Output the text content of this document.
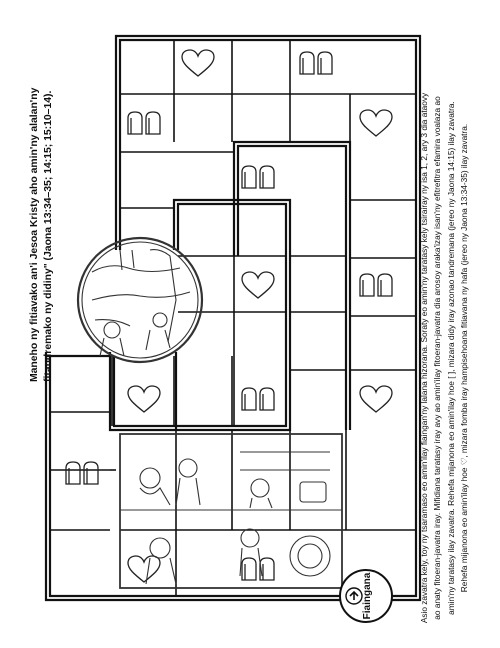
Maneho ny fitiavako an'i Jesoa Kristy aho amin'ny alalan'ny
fitandremako ny didiny" (Jaona 13:34–35; 14:15; 15:10–14).	Asio zavatra kely, toy ny tsaramaso eo amin'ilay fiaingan'ny lalana hizorana. Soraty eo amin'ny taratasy kely tsirairay ny isa 1, 2, ary 3 dia ataovy ao anaty fitoeran-javatra iray. Mifidiana taratasy iray avy ao amin'ilay fitoeran-javatra dia arosoy araka'izay isan'ny efitrefitra efamira voalaza ao amin'ny taratasy ilay zavatra. Rehefa mijanona eo amin'ilay hoe [ ], mizara didy iray azonao tandremana (jereo ny Jaona 14:15) ilay zavatra. Rehefa mijanona eo amin'ilay hoe ♡, mizara fomba iray hampisehoana fitiavana ny hafa (jereo ny Jaona 13:34-35) ilay zavatra.
Fiaingana
